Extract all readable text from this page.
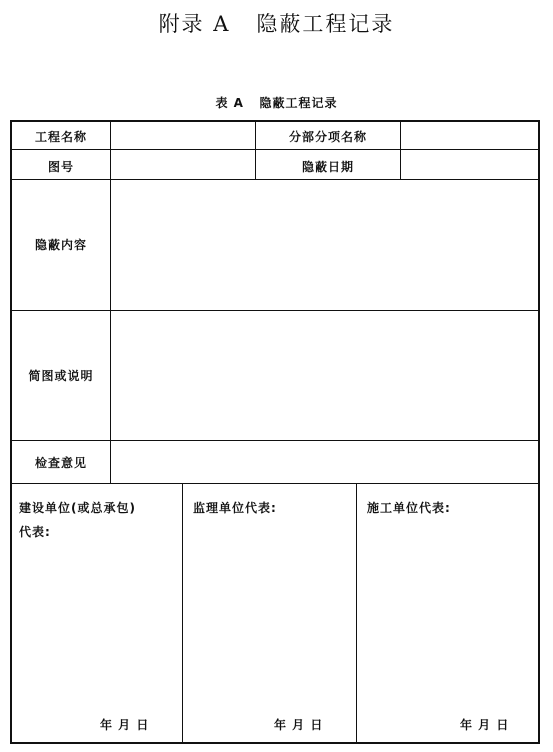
附录 A   隐蔽工程记录
表 A   隐蔽工程记录
工程名称	分部分项名称
图号	隐蔽日期
隐蔽内容
简图或说明
检查意见
建设单位(或总承包)
代表:
年 月 日
监理单位代表:
年 月 日
施工单位代表:
年 月 日
